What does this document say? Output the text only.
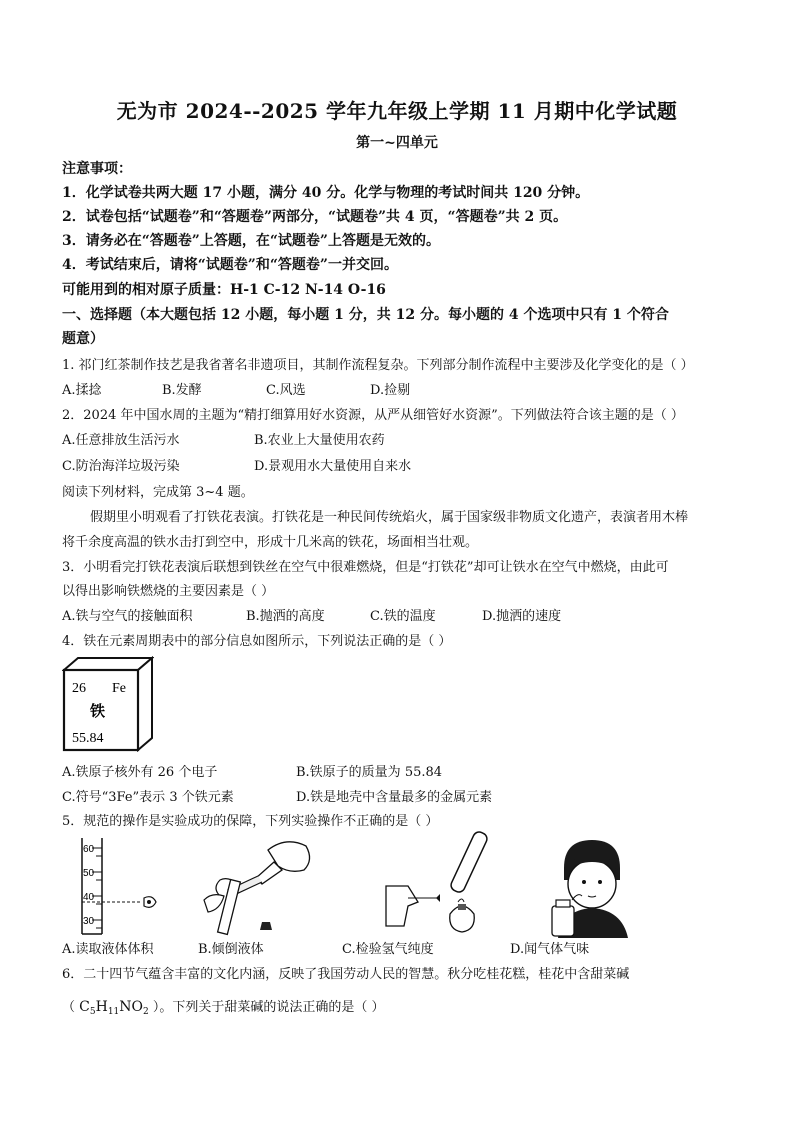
无为市 2024--2025 学年九年级上学期 11 月期中化学试题
第一~四单元
注意事项：
1．化学试卷共两大题 17 小题，满分 40 分。化学与物理的考试时间共 120 分钟。
2．试卷包括“试题卷”和“答题卷”两部分，“试题卷”共 4 页，“答题卷”共 2 页。
3．请务必在“答题卷”上答题，在“试题卷”上答题是无效的。
4．考试结束后，请将“试题卷”和“答题卷”一并交回。
可能用到的相对原子质量：H-1 C-12 N-14 O-16
一、选择题（本大题包括 12 小题，每小题 1 分，共 12 分。每小题的 4 个选项中只有 1 个符合
题意）
1. 祁门红茶制作技艺是我省著名非遗项目，其制作流程复杂。下列部分制作流程中主要涉及化学变化的是（ ）
A.揉捻	B.发酵	C.风选	D.捡剔
2．2024 年中国水周的主题为“精打细算用好水资源，从严从细管好水资源”。下列做法符合该主题的是（ ）
A.任意排放生活污水	B.农业上大量使用农药
C.防治海洋垃圾污染	D.景观用水大量使用自来水
阅读下列材料，完成第 3~4 题。
假期里小明观看了打铁花表演。打铁花是一种民间传统焰火，属于国家级非物质文化遗产，表演者用木棒
将千余度高温的铁水击打到空中，形成十几米高的铁花，场面相当壮观。
3．小明看完打铁花表演后联想到铁丝在空气中很难燃烧，但是“打铁花”却可让铁水在空气中燃烧，由此可
以得出影响铁燃烧的主要因素是（ ）
A.铁与空气的接触面积	B.抛洒的高度	C.铁的温度	D.抛洒的速度
4．铁在元素周期表中的部分信息如图所示，下列说法正确的是（ ）
26 Fe
铁
55.84
A.铁原子核外有 26 个电子	B.铁原子的质量为 55.84
C.符号“3Fe”表示 3 个铁元素	D.铁是地壳中含量最多的金属元素
5．规范的操作是实验成功的保障，下列实验操作不正确的是（ ）
60
50
40
30
A.读取液体体积	B.倾倒液体	C.检验氢气纯度	D.闻气体气味
6．二十四节气蕴含丰富的文化内涵，反映了我国劳动人民的智慧。秋分吃桂花糕，桂花中含甜菜碱
（ $C_5H_{11}NO_2$ ）。下列关于甜菜碱的说法正确的是（ ）
